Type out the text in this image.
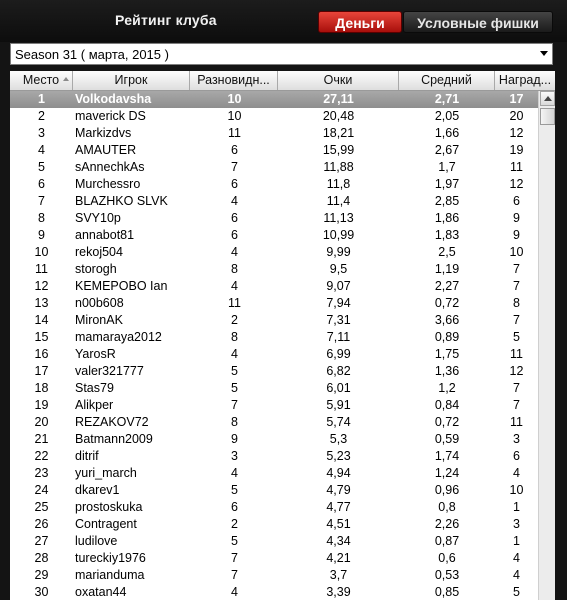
Рейтинг клуба	Деньги	Условные фишки
Season 31 ( марта, 2015 )
Место	Игрок	Разновидн...	Очки	Средний	Наград...
1	Volkodavsha	10	27,11	2,71	17
2	maverick DS	10	20,48	2,05	20
3	Markizdvs	11	18,21	1,66	12
4	AMAUTER	6	15,99	2,67	19
5	sAnnechkAs	7	11,88	1,7	11
6	Murchessro	6	11,8	1,97	12
7	BLAZHKO SLVK	4	11,4	2,85	6
8	SVY10p	6	11,13	1,86	9
9	annabot81	6	10,99	1,83	9
10	rekoj504	4	9,99	2,5	10
11	storogh	8	9,5	1,19	7
12	KEMEPOBO Ian	4	9,07	2,27	7
13	n00b608	11	7,94	0,72	8
14	MironAK	2	7,31	3,66	7
15	mamaraya2012	8	7,11	0,89	5
16	YarosR	4	6,99	1,75	11
17	valer321777	5	6,82	1,36	12
18	Stas79	5	6,01	1,2	7
19	Alikper	7	5,91	0,84	7
20	REZAKOV72	8	5,74	0,72	11
21	Batmann2009	9	5,3	0,59	3
22	ditrif	3	5,23	1,74	6
23	yuri_march	4	4,94	1,24	4
24	dkarev1	5	4,79	0,96	10
25	prostoskuka	6	4,77	0,8	1
26	Contragent	2	4,51	2,26	3
27	ludilove	5	4,34	0,87	1
28	tureckiy1976	7	4,21	0,6	4
29	marianduma	7	3,7	0,53	4
30	oxatan44	4	3,39	0,85	5
